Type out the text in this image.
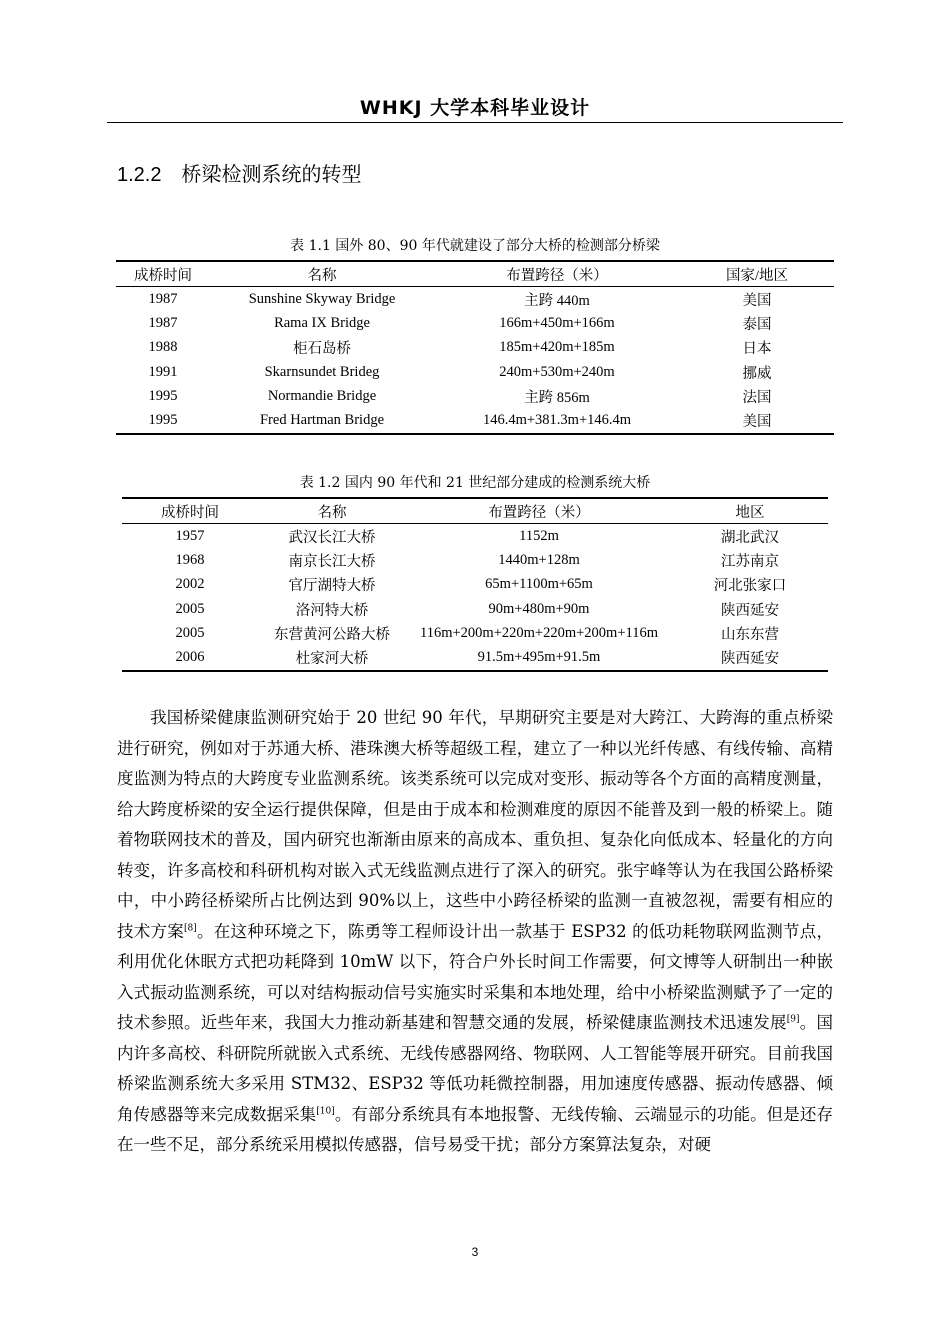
WHKJ 大学本科毕业设计
1.2.2 桥梁检测系统的转型
表 1.1 国外 80、90 年代就建设了部分大桥的检测部分桥梁
成桥时间	名称	布置跨径（米）	国家/地区
1987	Sunshine Skyway Bridge	主跨 440m	美国
1987	Rama IX Bridge	166m+450m+166m	泰国
1988	柜石岛桥	185m+420m+185m	日本
1991	Skarnsundet Brideg	240m+530m+240m	挪威
1995	Normandie Bridge	主跨 856m	法国
1995	Fred Hartman Bridge	146.4m+381.3m+146.4m	美国
表 1.2 国内 90 年代和 21 世纪部分建成的检测系统大桥
成桥时间	名称	布置跨径（米）	地区
1957	武汉长江大桥	1152m	湖北武汉
1968	南京长江大桥	1440m+128m	江苏南京
2002	官厅湖特大桥	65m+1100m+65m	河北张家口
2005	洛河特大桥	90m+480m+90m	陕西延安
2005	东营黄河公路大桥	116m+200m+220m+220m+200m+116m	山东东营
2006	杜家河大桥	91.5m+495m+91.5m	陕西延安
我国桥梁健康监测研究始于 20 世纪 90 年代，早期研究主要是对大跨江、大跨海的重点桥梁进行研究，例如对于苏通大桥、港珠澳大桥等超级工程，建立了一种以光纤传感、有线传输、高精度监测为特点的大跨度专业监测系统。该类系统可以完成对变形、振动等各个方面的高精度测量，给大跨度桥梁的安全运行提供保障，但是由于成本和检测难度的原因不能普及到一般的桥梁上。随着物联网技术的普及，国内研究也渐渐由原来的高成本、重负担、复杂化向低成本、轻量化的方向转变，许多高校和科研机构对嵌入式无线监测点进行了深入的研究。张宇峰等认为在我国公路桥梁中，中小跨径桥梁所占比例达到 90%以上，这些中小跨径桥梁的监测一直被忽视，需要有相应的技术方案[8]。在这种环境之下，陈勇等工程师设计出一款基于 ESP32 的低功耗物联网监测节点，利用优化休眠方式把功耗降到 10mW 以下，符合户外长时间工作需要，何文博等人研制出一种嵌入式振动监测系统，可以对结构振动信号实施实时采集和本地处理，给中小桥梁监测赋予了一定的技术参照。近些年来，我国大力推动新基建和智慧交通的发展，桥梁健康监测技术迅速发展[9]。国内许多高校、科研院所就嵌入式系统、无线传感器网络、物联网、人工智能等展开研究。目前我国桥梁监测系统大多采用 STM32、ESP32 等低功耗微控制器，用加速度传感器、振动传感器、倾角传感器等来完成数据采集[10]。有部分系统具有本地报警、无线传输、云端显示的功能。但是还存在一些不足，部分系统采用模拟传感器，信号易受干扰；部分方案算法复杂，对硬
3
